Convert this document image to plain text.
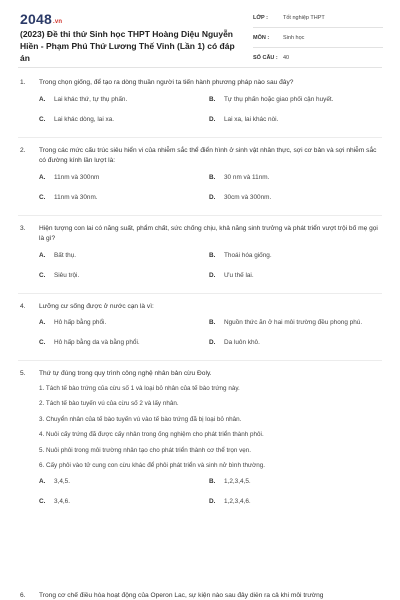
2048.vn
(2023) Đề thi thử Sinh học THPT Hoàng Diệu Nguyễn Hiền - Phạm Phú Thứ Lương Thế Vinh (Lần 1) có đáp án
LỚP :	Tốt nghiệp THPT
MÔN :	Sinh học
SỐ CÂU : 40
1.	Trong chọn giống, để tạo ra dòng thuần người ta tiến hành phương pháp nào sau đây?
A.	Lai khác thứ, tự thụ phấn.	B.	Tự thụ phấn hoặc giao phối cận huyết.
C.	Lai khác dòng, lai xa.	D.	Lai xa, lai khác nòi.
2.	Trong các mức cấu trúc siêu hiển vi của nhiễm sắc thể điển hình ở sinh vật nhân thực, sợi cơ bản và sợi nhiễm sắc có đường kính lần lượt là:
A.	11nm và 300nm	B.	30 nm và 11nm.
C.	11nm và 30nm.	D.	30cm và 300nm.
3.	Hiện tượng con lai có năng suất, phẩm chất, sức chống chịu, khả năng sinh trưởng và phát triển vượt trội bố mẹ gọi là gì?
A.	Bất thụ.	B.	Thoái hóa giống.
C.	Siêu trội.	D.	Ưu thế lai.
4.	Lưỡng cư sống được ở nước cạn là vì:
A.	Hô hấp bằng phổi.	B.	Nguồn thức ăn ở hai môi trường đều phong phú.
C.	Hô hấp bằng da và bằng phổi.	D.	Da luôn khô.
5.	Thứ tự đúng trong quy trình công nghệ nhân bản cừu Đoly.
1. Tách tế bào trứng của cừu số 1 và loại bỏ nhân của tế bào trứng này.
2. Tách tế bào tuyến vú của cừu số 2 và lấy nhân.
3. Chuyển nhân của tế bào tuyến vú vào tế bào trứng đã bị loại bỏ nhân.
4. Nuôi cấy trứng đã được cấy nhân trong ống nghiệm cho phát triển thành phôi.
5. Nuôi phôi trong môi trường nhân tạo cho phát triển thành cơ thể trọn vẹn.
6. Cấy phôi vào tử cung con cừu khác để phôi phát triển và sinh nở bình thường.
A.	3,4,5.	B.	1,2,3,4,5.
C.	3,4,6.	D.	1,2,3,4,6.
6.	Trong cơ chế điều hòa hoạt động của Operon Lac, sự kiện nào sau đây diễn ra cả khi môi trường
